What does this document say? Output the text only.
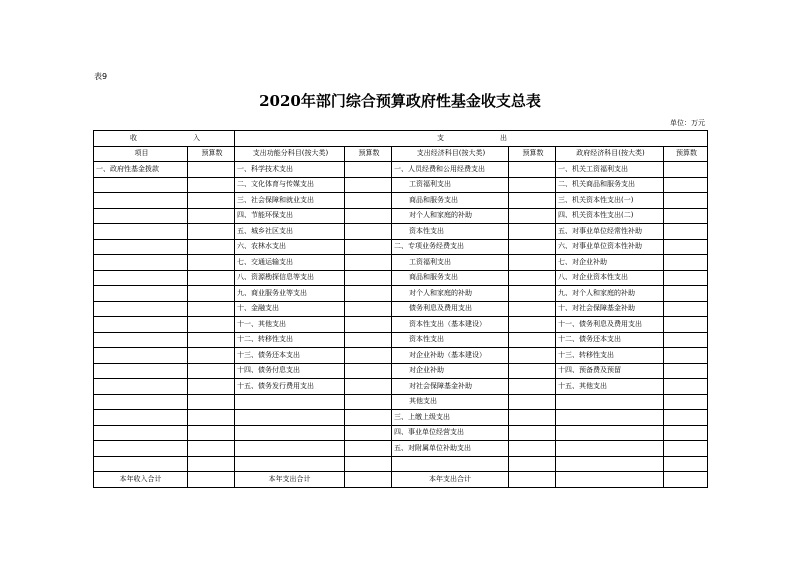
表9
2020年部门综合预算政府性基金收支总表
单位：万元
收 入		支 出					
项目	预算数	支出功能分科目(按大类)	预算数	支出经济科目(按大类)	预算数	政府经济科目(按大类)	预算数
一、政府性基金拨款		一、科学技术支出		一、人员经费和公用经费支出		一、机关工资福利支出	
		二、文化体育与传媒支出		工资福利支出		二、机关商品和服务支出	
		三、社会保障和就业支出		商品和服务支出		三、机关资本性支出(一)	
		四、节能环保支出		对个人和家庭的补助		四、机关资本性支出(二)	
		五、城乡社区支出		资本性支出		五、对事业单位经常性补助	
		六、农林水支出		二、专项业务经费支出		六、对事业单位资本性补助	
		七、交通运输支出		工资福利支出		七、对企业补助	
		八、资源勘探信息等支出		商品和服务支出		八、对企业资本性支出	
		九、商业服务业等支出		对个人和家庭的补助		九、对个人和家庭的补助	
		十、金融支出		债务利息及费用支出		十、对社会保障基金补助	
		十一、其他支出		资本性支出（基本建设）		十一、债务利息及费用支出	
		十二、转移性支出		资本性支出		十二、债务还本支出	
		十三、债务还本支出		对企业补助（基本建设）		十三、转移性支出	
		十四、债务付息支出		对企业补助		十四、预备费及预留	
		十五、债务发行费用支出		对社会保障基金补助		十五、其他支出	
				其他支出			
				三、上缴上级支出			
				四、事业单位经营支出			
				五、对附属单位补助支出			

本年收入合计		本年支出合计		本年支出合计			
